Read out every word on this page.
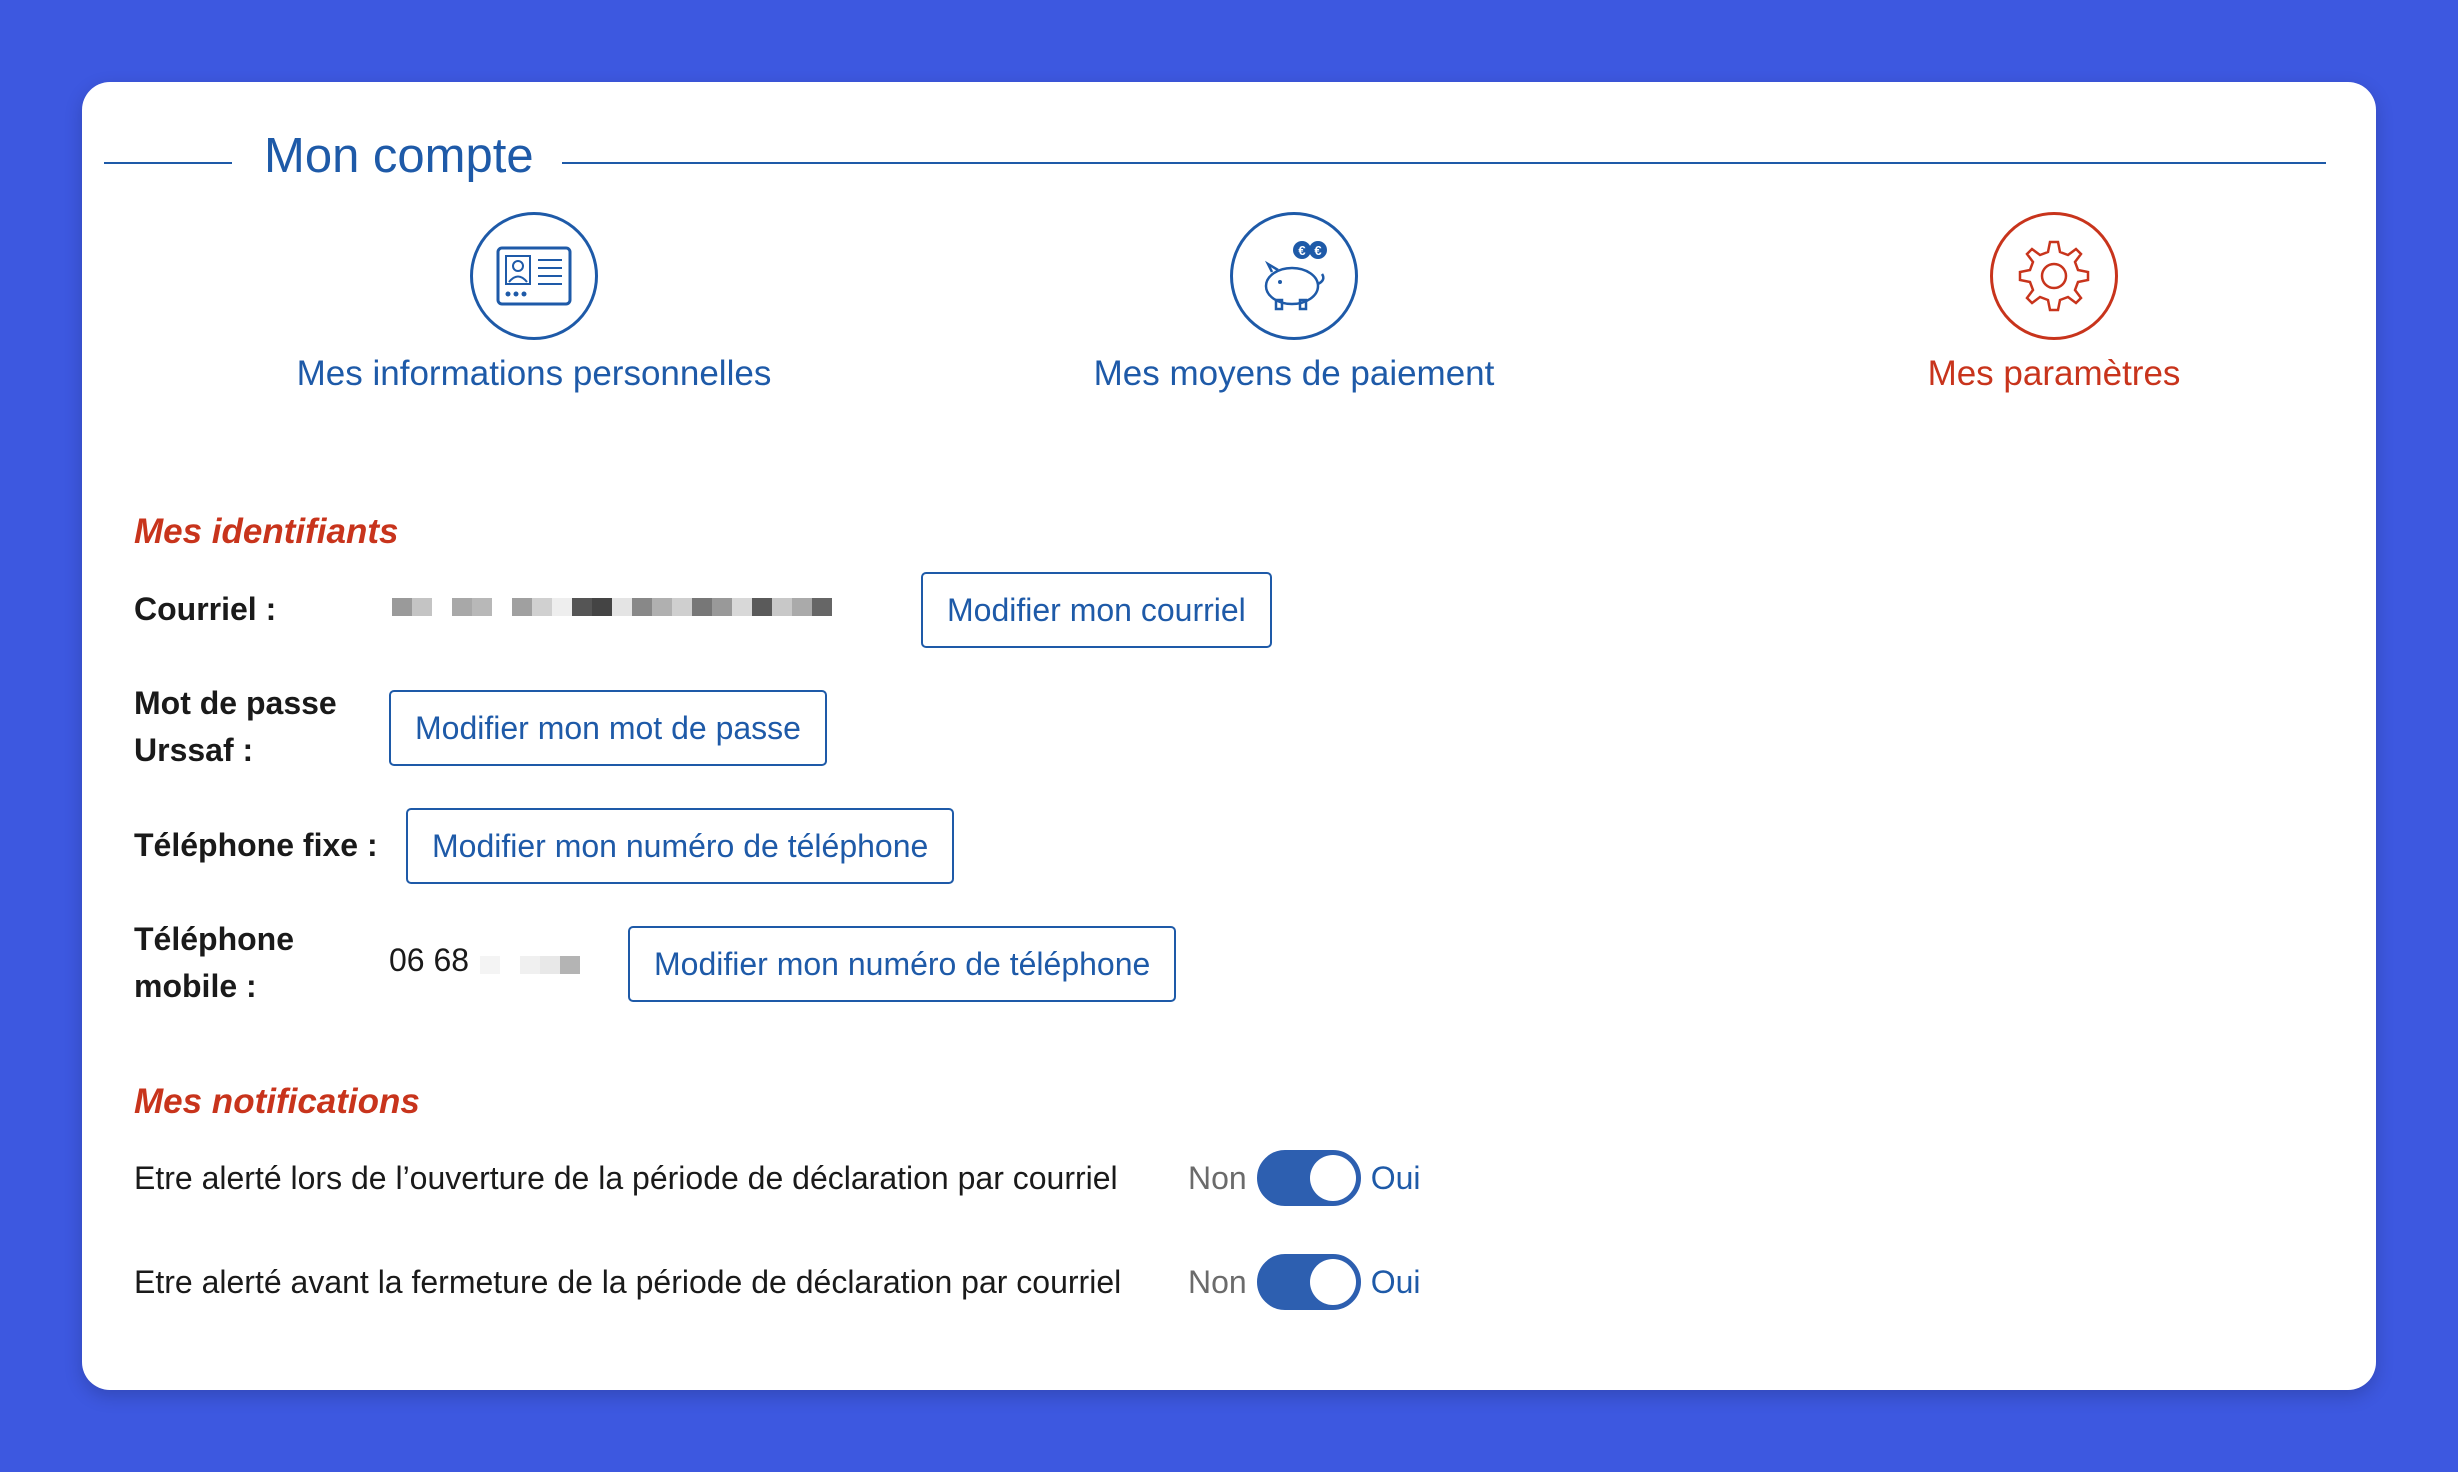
Mon compte
Mes informations personnelles
€ €
Mes moyens de paiement	Mes paramètres
Mes identifiants
Courriel :	Modifier mon courriel
Mot de passe
Urssaf :
Modifier mon mot de passe
Téléphone fixe :	Modifier mon numéro de téléphone
Téléphone
mobile :
06 68	Modifier mon numéro de téléphone
Mes notifications
Etre alerté lors de l’ouverture de la période de déclaration par courriel Non	Oui
Etre alerté avant la fermeture de la période de déclaration par courriel Non	Oui
